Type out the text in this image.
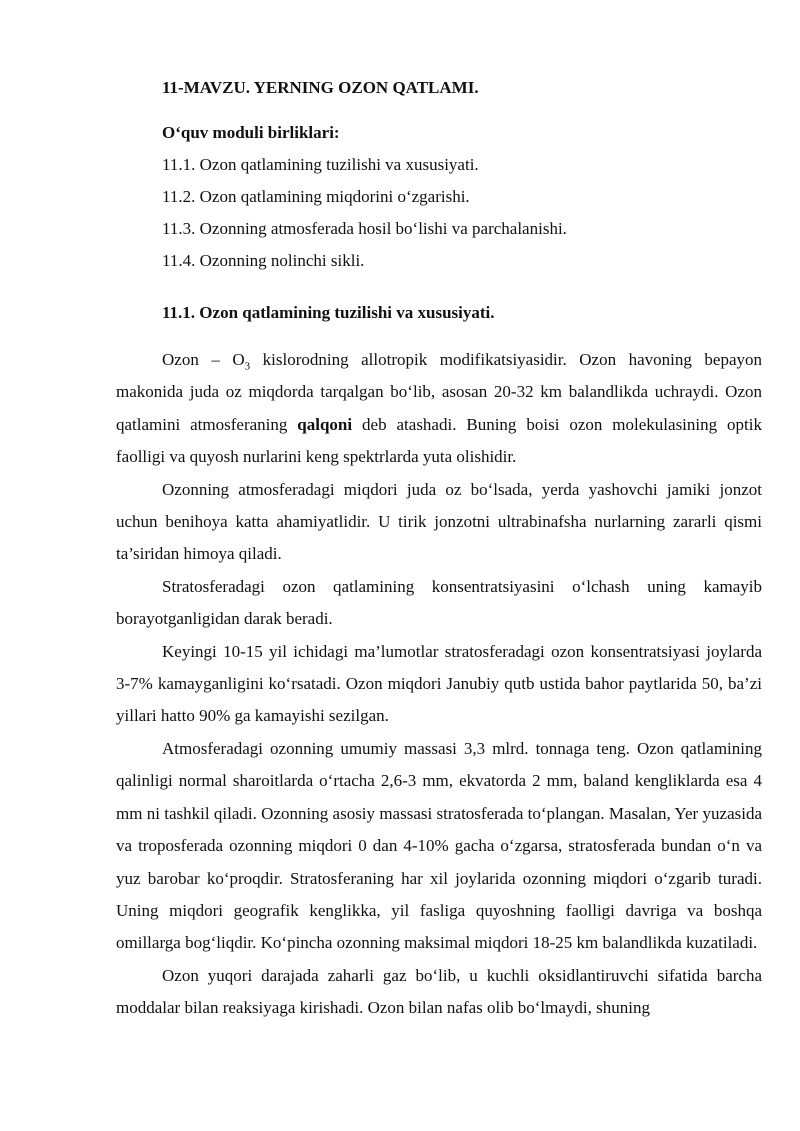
11-MAVZU. YERNING OZON QATLAMI.
O‘quv moduli birliklari:
11.1. Ozon qatlamining tuzilishi va xususiyati.
11.2. Ozon qatlamining miqdorini o‘zgarishi.
11.3. Ozonning atmosferada hosil bo‘lishi va parchalanishi.
11.4. Ozonning nolinchi sikli.
11.1. Ozon qatlamining tuzilishi va xususiyati.

Ozon – $O_3$ kislorodning allotropik modifikatsiyasidir. Ozon havoning bepayon makonida juda oz miqdorda tarqalgan bo‘lib, asosan 20-32 km balandlikda uchraydi. Ozon qatlamini atmosferaning qalqoni deb atashadi. Buning boisi ozon molekulasining optik faolligi va quyosh nurlarini keng spektrlarda yuta olishidir.

Ozonning atmosferadagi miqdori juda oz bo‘lsada, yerda yashovchi jamiki jonzot uchun benihoya katta ahamiyatlidir. U tirik jonzotni ultrabinafsha nurlarning zararli qismi ta’siridan himoya qiladi.

Stratosferadagi ozon qatlamining konsentratsiyasini o‘lchash uning kamayib borayotganligidan darak beradi.

Keyingi 10-15 yil ichidagi ma’lumotlar stratosferadagi ozon konsentratsiyasi joylarda 3-7% kamayganligini ko‘rsatadi. Ozon miqdori Janubiy qutb ustida bahor paytlarida 50, ba’zi yillari hatto 90% ga kamayishi sezilgan.

Atmosferadagi ozonning umumiy massasi 3,3 mlrd. tonnaga teng. Ozon qatlamining qalinligi normal sharoitlarda o‘rtacha 2,6-3 mm, ekvatorda 2 mm, baland kengliklarda esa 4 mm ni tashkil qiladi. Ozonning asosiy massasi stratosferada to‘plangan. Masalan, Yer yuzasida va troposferada ozonning miqdori 0 dan 4-10% gacha o‘zgarsa, stratosferada bundan o‘n va yuz barobar ko‘proqdir. Stratosferaning har xil joylarida ozonning miqdori o‘zgarib turadi. Uning miqdori geografik kenglikka, yil fasliga quyoshning faolligi davriga va boshqa omillarga bog‘liqdir. Ko‘pincha ozonning maksimal miqdori 18-25 km balandlikda kuzatiladi.

Ozon yuqori darajada zaharli gaz bo‘lib, u kuchli oksidlantiruvchi sifatida barcha moddalar bilan reaksiyaga kirishadi. Ozon bilan nafas olib bo‘lmaydi, shuning
